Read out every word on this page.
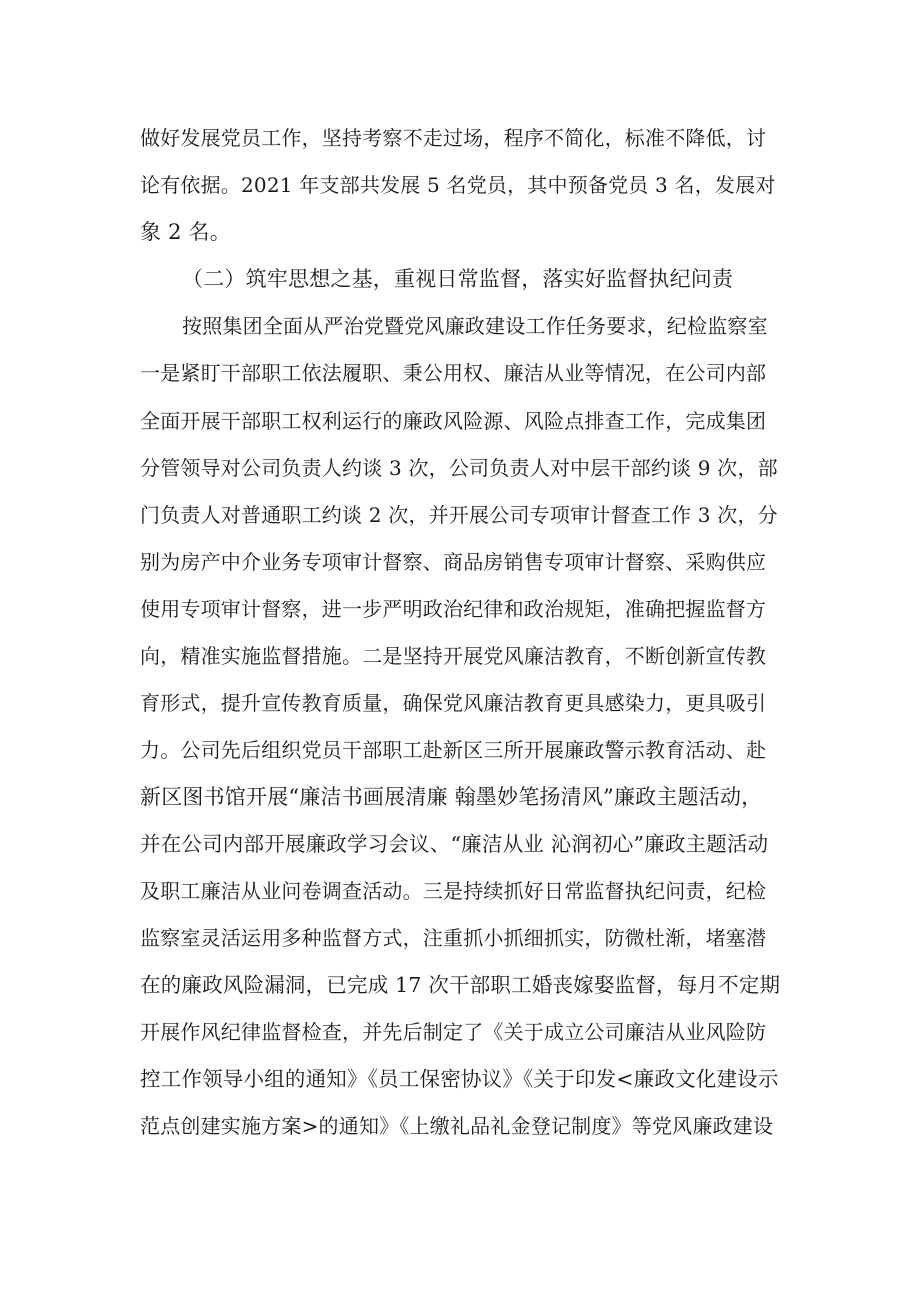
做好发展党员工作，坚持考察不走过场，程序不简化，标准不降低，讨
论有依据。2021 年支部共发展 5 名党员，其中预备党员 3 名，发展对
象 2 名。
（二）筑牢思想之基，重视日常监督，落实好监督执纪问责
按照集团全面从严治党暨党风廉政建设工作任务要求，纪检监察室
一是紧盯干部职工依法履职、秉公用权、廉洁从业等情况，在公司内部
全面开展干部职工权利运行的廉政风险源、风险点排查工作，完成集团
分管领导对公司负责人约谈 3 次，公司负责人对中层干部约谈 9 次，部
门负责人对普通职工约谈 2 次，并开展公司专项审计督查工作 3 次，分
别为房产中介业务专项审计督察、商品房销售专项审计督察、采购供应
使用专项审计督察，进一步严明政治纪律和政治规矩，准确把握监督方
向，精准实施监督措施。二是坚持开展党风廉洁教育，不断创新宣传教
育形式，提升宣传教育质量，确保党风廉洁教育更具感染力，更具吸引
力。公司先后组织党员干部职工赴新区三所开展廉政警示教育活动、赴
新区图书馆开展“廉洁书画展清廉 翰墨妙笔扬清风”廉政主题活动，
并在公司内部开展廉政学习会议、“廉洁从业 沁润初心”廉政主题活动
及职工廉洁从业问卷调查活动。三是持续抓好日常监督执纪问责，纪检
监察室灵活运用多种监督方式，注重抓小抓细抓实，防微杜渐，堵塞潜
在的廉政风险漏洞，已完成 17 次干部职工婚丧嫁娶监督，每月不定期
开展作风纪律监督检查，并先后制定了《关于成立公司廉洁从业风险防
控工作领导小组的通知》《员工保密协议》《关于印发<廉政文化建设示
范点创建实施方案>的通知》《上缴礼品礼金登记制度》等党风廉政建设
